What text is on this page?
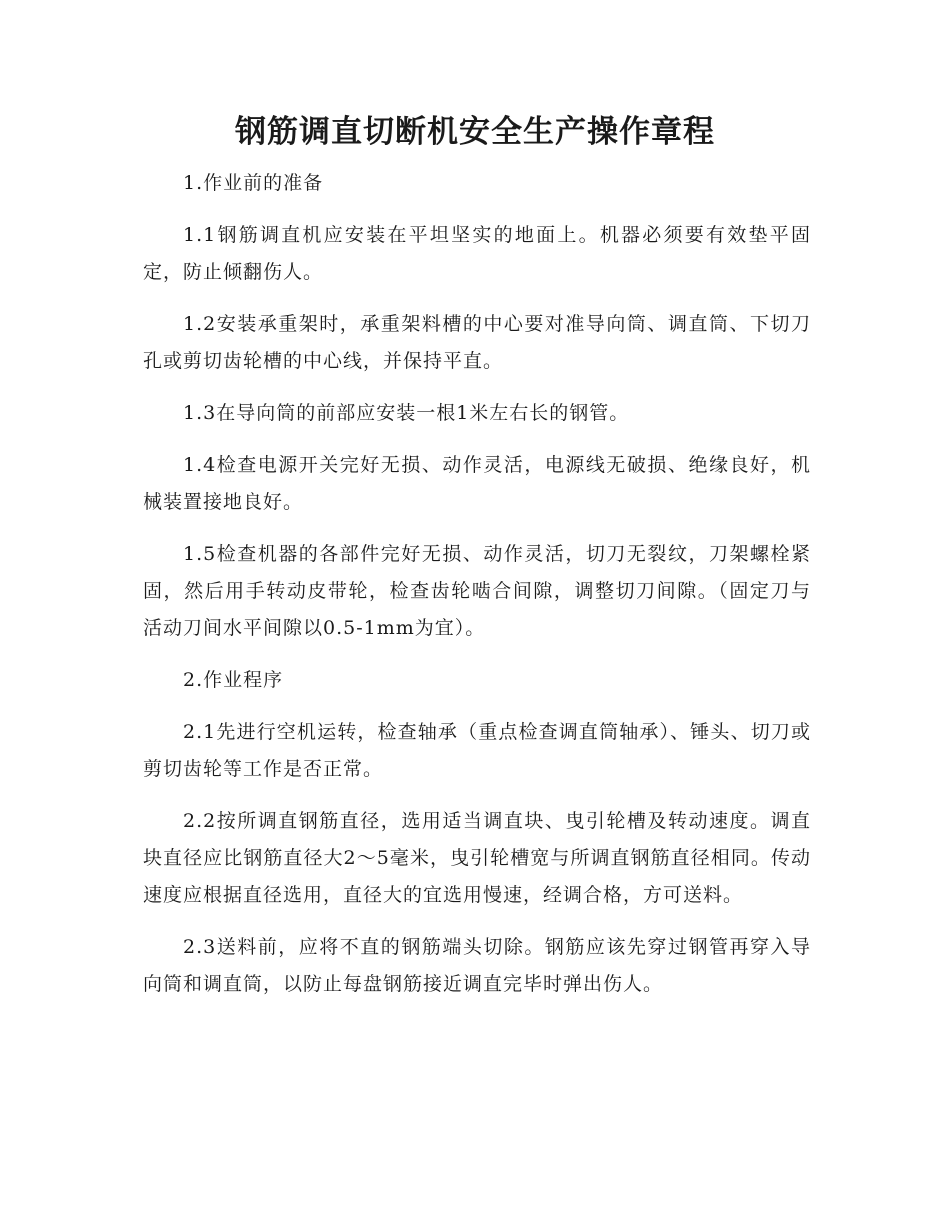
钢筋调直切断机安全生产操作章程

1.作业前的准备

1.1钢筋调直机应安装在平坦坚实的地面上。机器必须要有效垫平固定，防止倾翻伤人。

1.2安装承重架时，承重架料槽的中心要对准导向筒、调直筒、下切刀孔或剪切齿轮槽的中心线，并保持平直。

1.3在导向筒的前部应安装一根1米左右长的钢管。

1.4检查电源开关完好无损、动作灵活，电源线无破损、绝缘良好，机械装置接地良好。

1.5检查机器的各部件完好无损、动作灵活，切刀无裂纹，刀架螺栓紧固，然后用手转动皮带轮，检查齿轮啮合间隙，调整切刀间隙。（固定刀与活动刀间水平间隙以0.5-1mm为宜）。

2.作业程序

2.1先进行空机运转，检查轴承（重点检查调直筒轴承）、锤头、切刀或剪切齿轮等工作是否正常。

2.2按所调直钢筋直径，选用适当调直块、曳引轮槽及转动速度。调直块直径应比钢筋直径大2～5毫米，曳引轮槽宽与所调直钢筋直径相同。传动速度应根据直径选用，直径大的宜选用慢速，经调合格，方可送料。

2.3送料前，应将不直的钢筋端头切除。钢筋应该先穿过钢管再穿入导向筒和调直筒，以防止每盘钢筋接近调直完毕时弹出伤人。
